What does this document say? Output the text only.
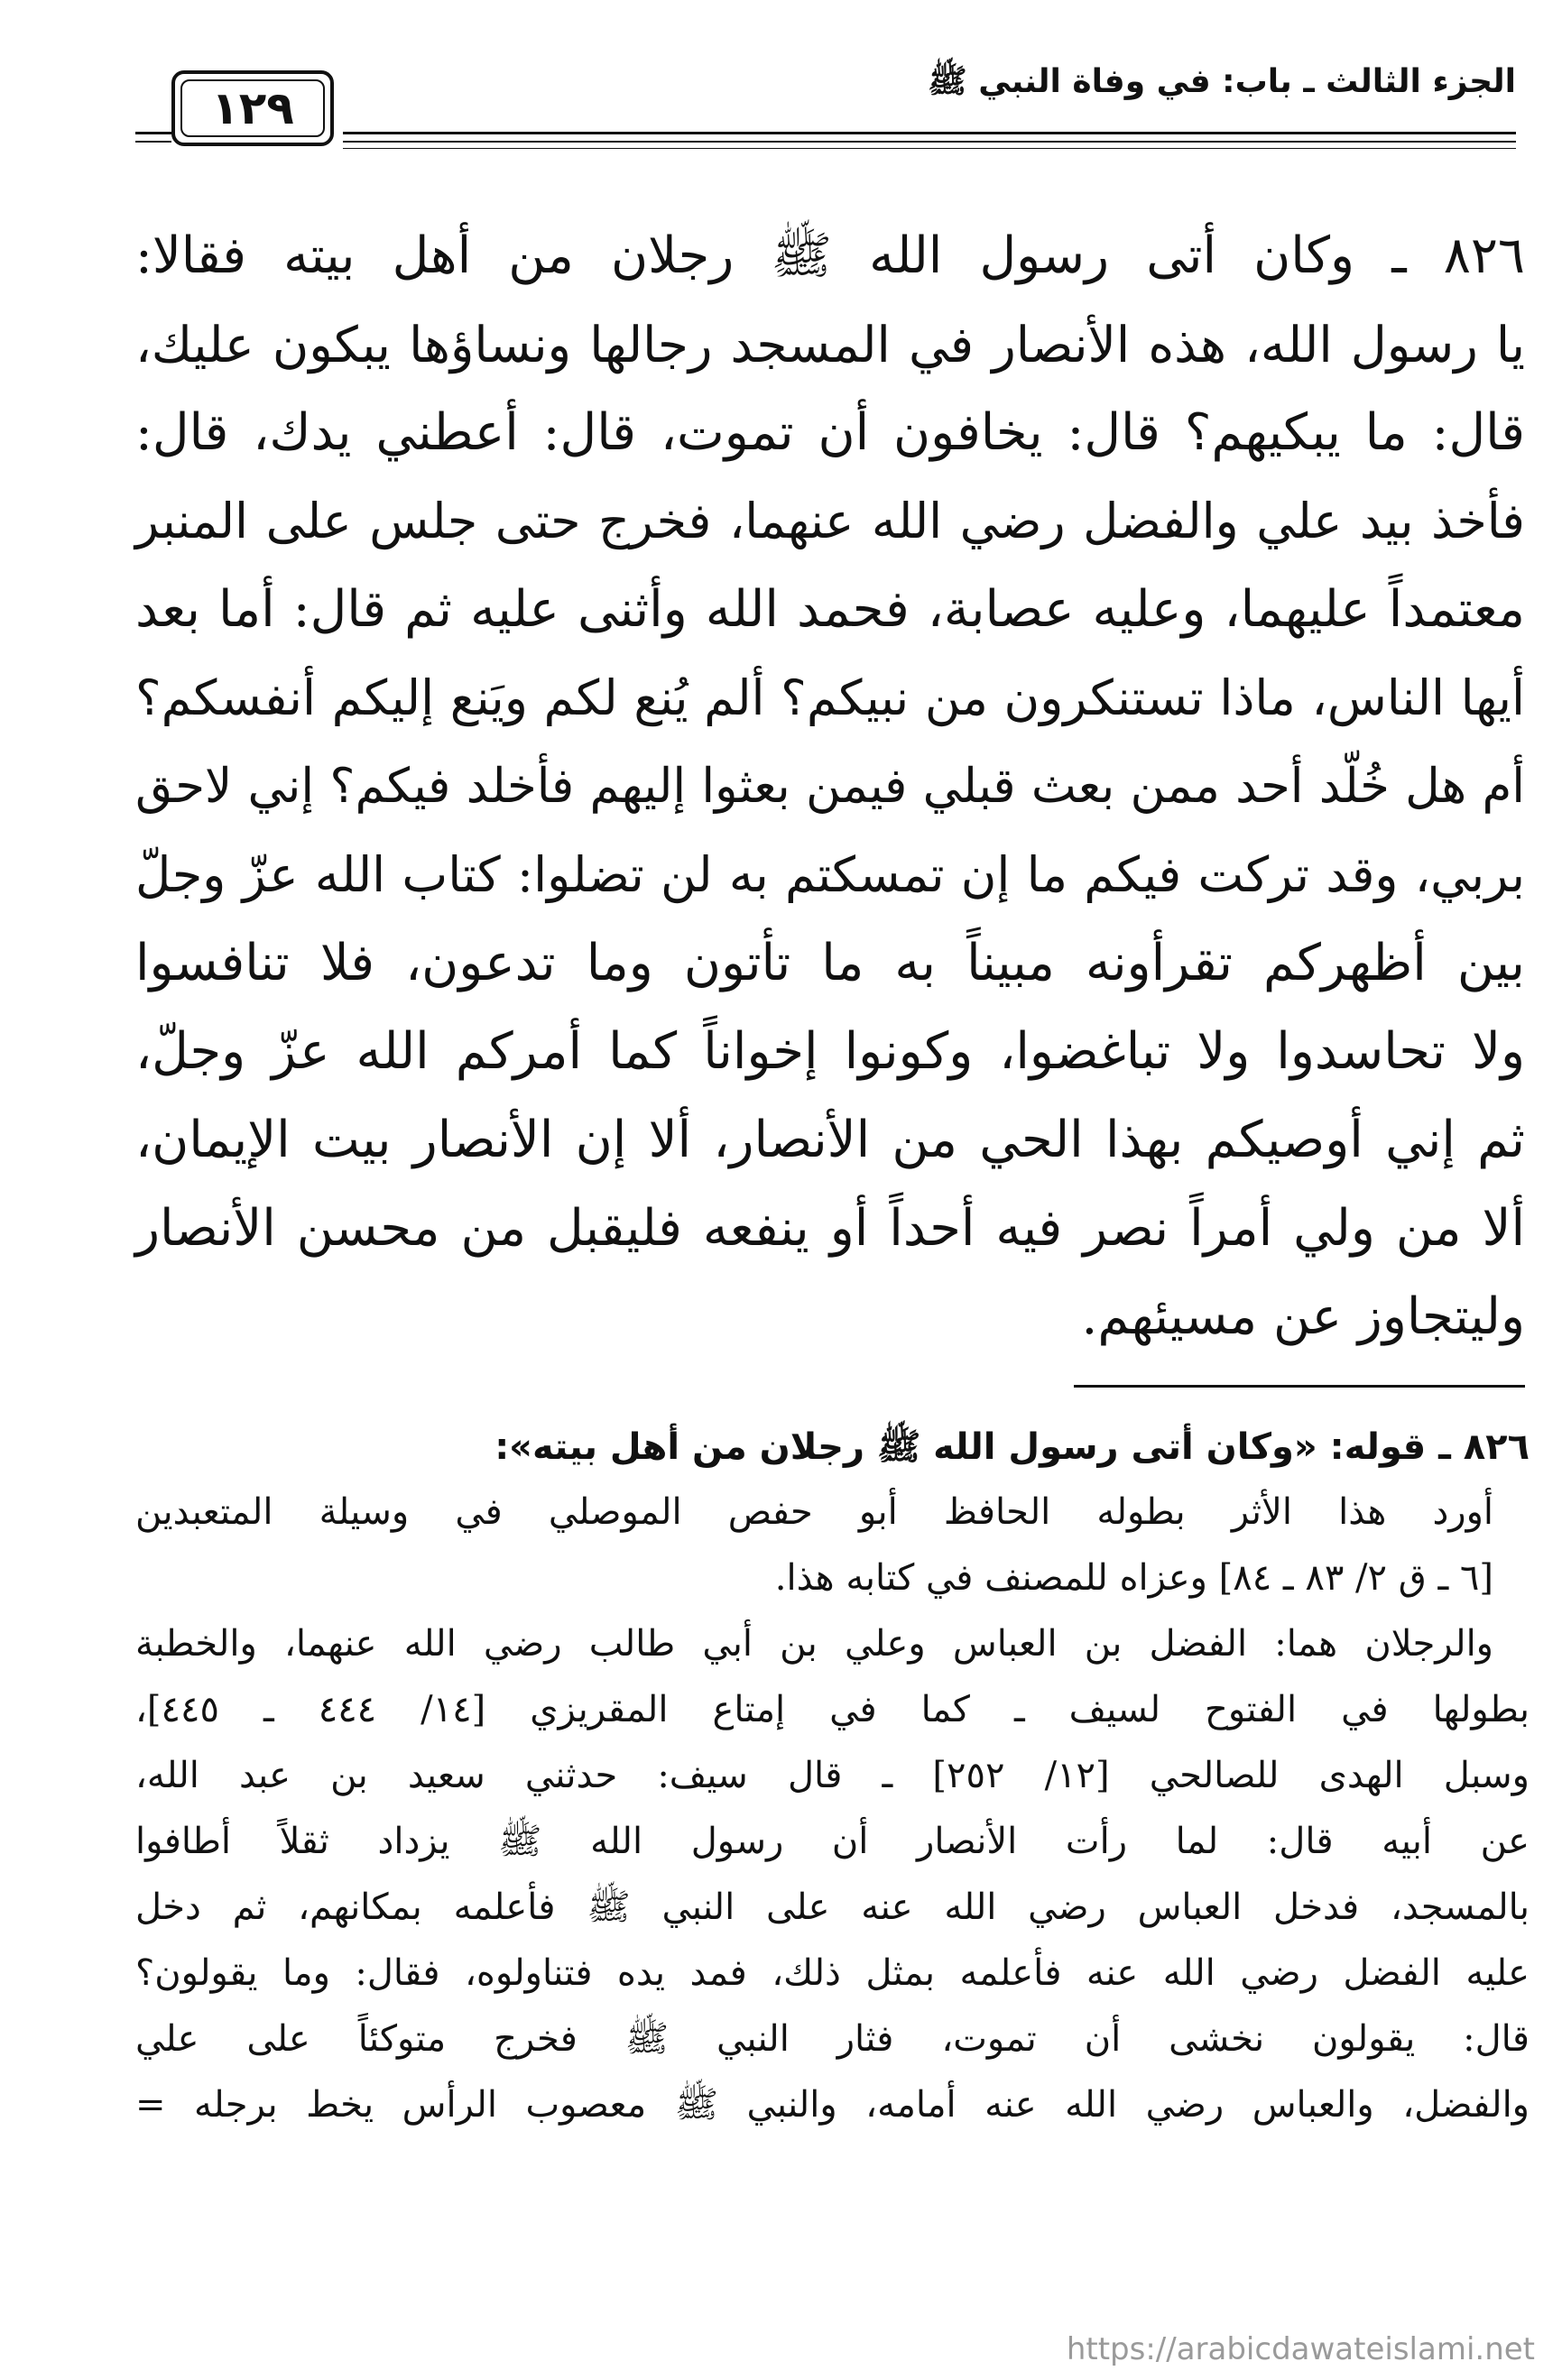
الجزء الثالث ـ باب: في وفاة النبي ﷺ
١٢٩
٨٢٦ ـ وكان أتى رسول الله ﷺ رجلان من أهل بيته فقالا:
يا رسول الله، هذه الأنصار في المسجد رجالها ونساؤها يبكون عليك،
قال: ما يبكيهم؟ قال: يخافون أن تموت، قال: أعطني يدك، قال:
فأخذ بيد علي والفضل رضي الله عنهما، فخرج حتى جلس على المنبر
معتمداً عليهما، وعليه عصابة، فحمد الله وأثنى عليه ثم قال: أما بعد
أيها الناس، ماذا تستنكرون من نبيكم؟ ألم يُنع لكم ويَنع إليكم أنفسكم؟
أم هل خُلّد أحد ممن بعث قبلي فيمن بعثوا إليهم فأخلد فيكم؟ إني لاحق
بربي، وقد تركت فيكم ما إن تمسكتم به لن تضلوا: كتاب الله عزّ وجلّ
بين أظهركم تقرأونه مبيناً به ما تأتون وما تدعون، فلا تنافسوا
ولا تحاسدوا ولا تباغضوا، وكونوا إخواناً كما أمركم الله عزّ وجلّ،
ثم إني أوصيكم بهذا الحي من الأنصار، ألا إن الأنصار بيت الإيمان،
ألا من ولي أمراً نصر فيه أحداً أو ينفعه فليقبل من محسن الأنصار
وليتجاوز عن مسيئهم.
٨٢٦ ـ قوله: «وكان أتى رسول الله ﷺ رجلان من أهل بيته»:
أورد هذا الأثر بطوله الحافظ أبو حفص الموصلي في وسيلة المتعبدين
[٦ ـ ق ٢/ ٨٣ ـ ٨٤] وعزاه للمصنف في كتابه هذا.
والرجلان هما: الفضل بن العباس وعلي بن أبي طالب رضي الله عنهما، والخطبة
بطولها في الفتوح لسيف ـ كما في إمتاع المقريزي [١٤/ ٤٤٤ ـ ٤٤٥]،
وسبل الهدى للصالحي [١٢/ ٢٥٢] ـ قال سيف: حدثني سعيد بن عبد الله،
عن أبيه قال: لما رأت الأنصار أن رسول الله ﷺ يزداد ثقلاً أطافوا
بالمسجد، فدخل العباس رضي الله عنه على النبي ﷺ فأعلمه بمكانهم، ثم دخل
عليه الفضل رضي الله عنه فأعلمه بمثل ذلك، فمد يده فتناولوه، فقال: وما يقولون؟
قال: يقولون نخشى أن تموت، فثار النبي ﷺ فخرج متوكئاً على علي
والفضل، والعباس رضي الله عنه أمامه، والنبي ﷺ معصوب الرأس يخط برجله =
https://arabicdawateislami.net
